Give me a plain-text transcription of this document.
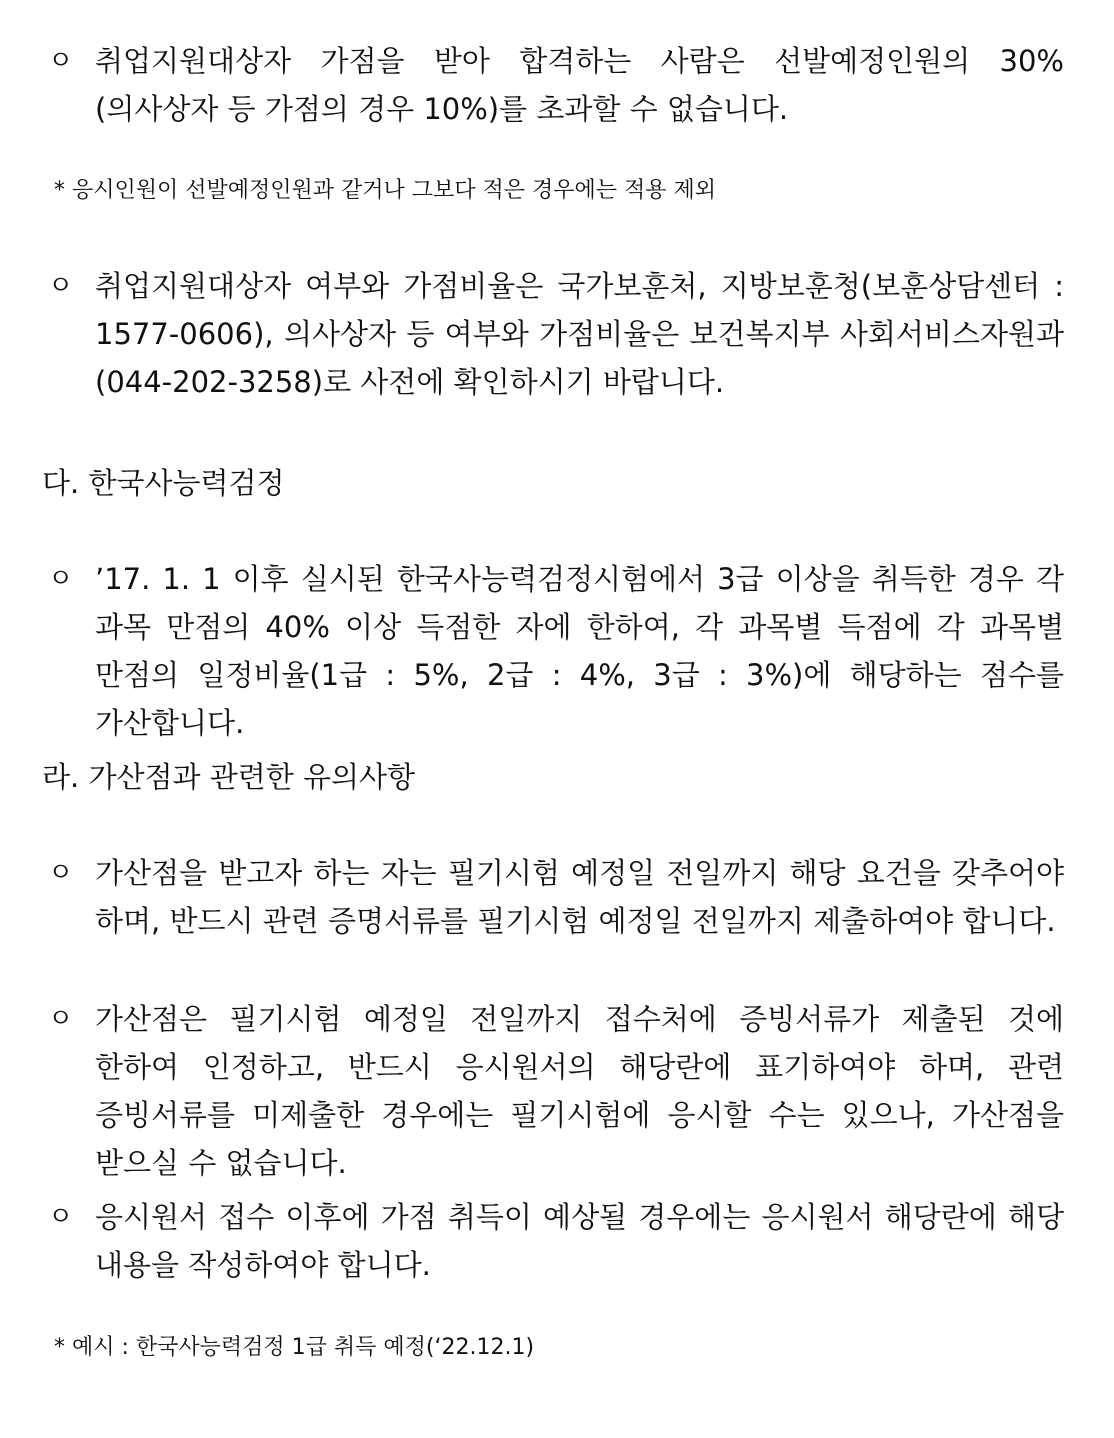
ㅇ 취업지원대상자 가점을 받아 합격하는 사람은 선발예정인원의 30%(의사상자 등 가점의 경우 10%)를 초과할 수 없습니다.
* 응시인원이 선발예정인원과 같거나 그보다 적은 경우에는 적용 제외
ㅇ 취업지원대상자 여부와 가점비율은 국가보훈처, 지방보훈청(보훈상담센터 : 1577-0606), 의사상자 등 여부와 가점비율은 보건복지부 사회서비스자원과 (044-202-3258)로 사전에 확인하시기 바랍니다.
다. 한국사능력검정
ㅇ ’17. 1. 1 이후 실시된 한국사능력검정시험에서 3급 이상을 취득한 경우 각 과목 만점의 40% 이상 득점한 자에 한하여, 각 과목별 득점에 각 과목별 만점의 일정비율(1급 : 5%, 2급 : 4%, 3급 : 3%)에 해당하는 점수를 가산합니다.
라. 가산점과 관련한 유의사항
ㅇ 가산점을 받고자 하는 자는 필기시험 예정일 전일까지 해당 요건을 갖추어야 하며, 반드시 관련 증명서류를 필기시험 예정일 전일까지 제출하여야 합니다.
ㅇ 가산점은 필기시험 예정일 전일까지 접수처에 증빙서류가 제출된 것에 한하여 인정하고, 반드시 응시원서의 해당란에 표기하여야 하며, 관련 증빙서류를 미제출한 경우에는 필기시험에 응시할 수는 있으나, 가산점을 받으실 수 없습니다.
ㅇ 응시원서 접수 이후에 가점 취득이 예상될 경우에는 응시원서 해당란에 해당 내용을 작성하여야 합니다.
* 예시 : 한국사능력검정 1급 취득 예정(‘22.12.1)
